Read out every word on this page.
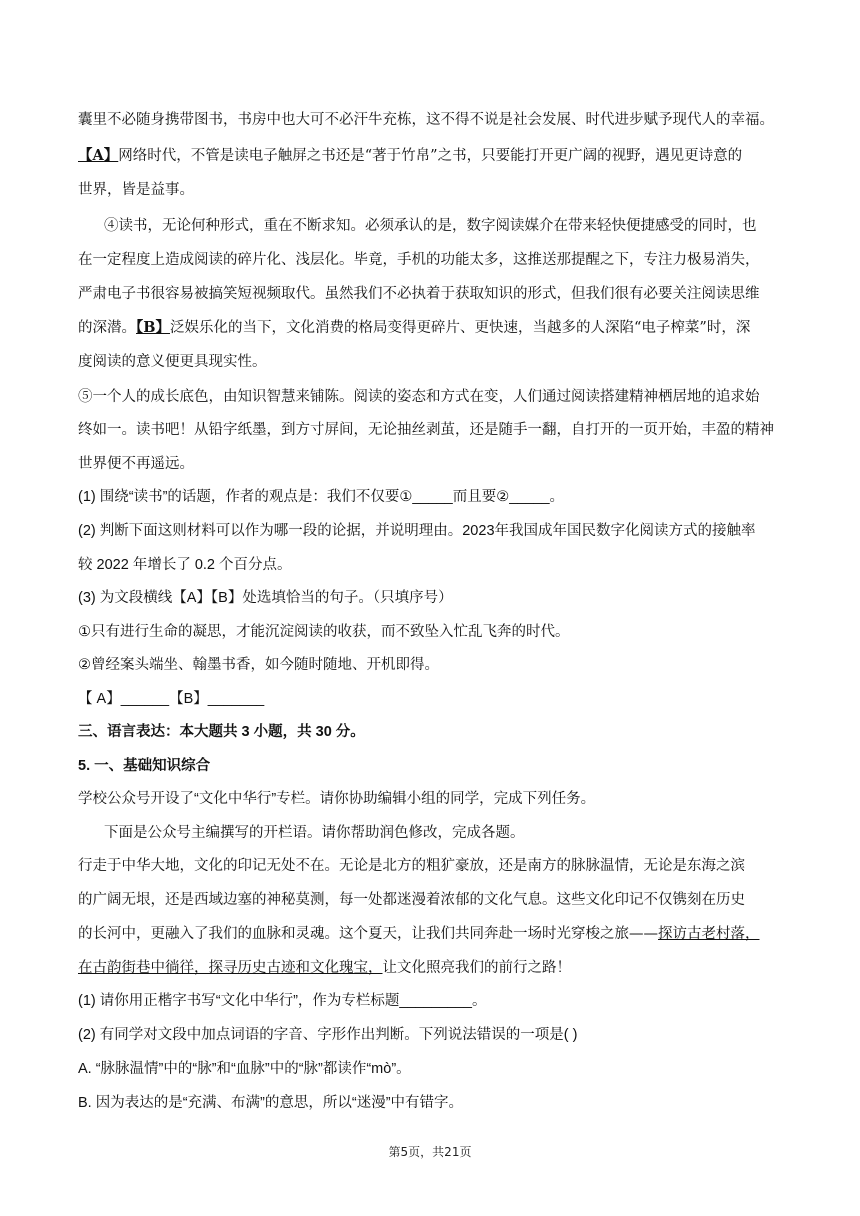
囊里不必随身携带图书，书房中也大可不必汗牛充栋，这不得不说是社会发展、时代进步赋予现代人的幸福。
【A】网络时代，不管是读电子触屏之书还是“著于竹帛”之书，只要能打开更广阔的视野，遇见更诗意的
世界，皆是益事。
④读书，无论何种形式，重在不断求知。必须承认的是，数字阅读媒介在带来轻快便捷感受的同时，也
在一定程度上造成阅读的碎片化、浅层化。毕竟，手机的功能太多，这推送那提醒之下，专注力极易消失，
严肃电子书很容易被搞笑短视频取代。虽然我们不必执着于获取知识的形式，但我们很有必要关注阅读思维
的深潜。【B】泛娱乐化的当下，文化消费的格局变得更碎片、更快速，当越多的人深陷“电子榨菜”时，深
度阅读的意义便更具现实性。
⑤一个人的成长底色，由知识智慧来铺陈。阅读的姿态和方式在变，人们通过阅读搭建精神栖居地的追求始
终如一。读书吧！从铅字纸墨，到方寸屏间，无论抽丝剥茧，还是随手一翻，自打开的一页开始，丰盈的精神
世界便不再遥远。
(1) 围绕“读书”的话题，作者的观点是：我们不仅要①_____而且要②_____。
(2) 判断下面这则材料可以作为哪一段的论据，并说明理由。2023年我国成年国民数字化阅读方式的接触率
较 2022 年增长了 0.2 个百分点。
(3) 为文段横线【A】【B】处选填恰当的句子。（只填序号）
①只有进行生命的凝思，才能沉淀阅读的收获，而不致坠入忙乱飞奔的时代。
②曾经案头端坐、翰墨书香，如今随时随地、开机即得。
【 A】______【B】_______
三、语言表达：本大题共 3 小题，共 30 分。
5. 一、基础知识综合
学校公众号开设了“文化中华行”专栏。请你协助编辑小组的同学，完成下列任务。
下面是公众号主编撰写的开栏语。请你帮助润色修改，完成各题。
行走于中华大地，文化的印记无处不在。无论是北方的粗犷豪放，还是南方的脉脉温情，无论是东海之滨
的广阔无垠，还是西域边塞的神秘莫测，每一处都迷漫着浓郁的文化气息。这些文化印记不仅镌刻在历史
的长河中，更融入了我们的血脉和灵魂。这个夏天，让我们共同奔赴一场时光穿梭之旅——探访古老村落，
在古韵街巷中徜徉，探寻历史古迹和文化瑰宝，让文化照亮我们的前行之路！
(1) 请你用正楷字书写“文化中华行”，作为专栏标题_________。
(2) 有同学对文段中加点词语的字音、字形作出判断。下列说法错误的一项是( )
A. “脉脉温情”中的“脉”和“血脉”中的“脉”都读作“mò”。
B. 因为表达的是“充满、布满”的意思，所以“迷漫”中有错字。
第5页，共21页
